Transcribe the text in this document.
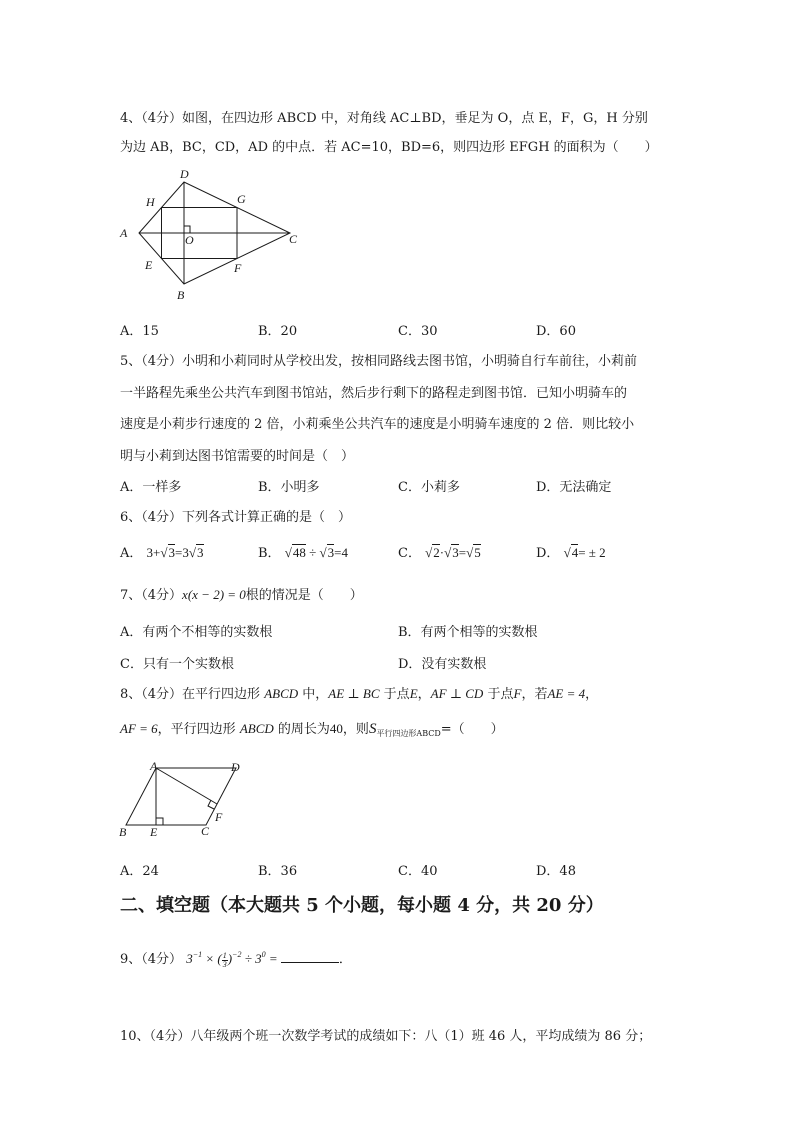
4、（4分）如图，在四边形 ABCD 中，对角线 AC⊥BD，垂足为 O，点 E，F，G，H 分别
为边 AB，BC，CD，AD 的中点．若 AC=10，BD=6，则四边形 EFGH 的面积为（　　）
D
H	G
A	O	C
E	F
B
A．15	B．20	C．30	D．60
5、（4分）小明和小莉同时从学校出发，按相同路线去图书馆，小明骑自行车前往，小莉前
一半路程先乘坐公共汽车到图书馆站，然后步行剩下的路程走到图书馆．已知小明骑车的
速度是小莉步行速度的 2 倍，小莉乘坐公共汽车的速度是小明骑车速度的 2 倍．则比较小
明与小莉到达图书馆需要的时间是（　）
A．一样多	B．小明多	C．小莉多	D．无法确定
6、（4分）下列各式计算正确的是（　）
A． 3+√3=3√3	B． √48 ÷ √3=4	C． √2·√3=√5	D． √4= ± 2
7、（4分）x(x − 2) = 0根的情况是（　　）
A．有两个不相等的实数根	B．有两个相等的实数根
C．只有一个实数根	D．没有实数根
8、（4分）在平行四边形 ABCD 中，AE ⊥ BC 于点E，AF ⊥ CD 于点F，若AE = 4，
AF = 6，平行四边形 ABCD 的周长为40，则$S_{平行四边形ABCD}=$（　　）
A	D
B E	C
F
A．24	B．36	C．40	D．48
二、填空题（本大题共 5 个小题，每小题 4 分，共 20 分）
9、（4分） $3^{-1}$ × ( $\frac{1}{3})^{-2} \div 3^0$ =	．
10、（4分）八年级两个班一次数学考试的成绩如下：八（1）班 46 人，平均成绩为 86 分；
